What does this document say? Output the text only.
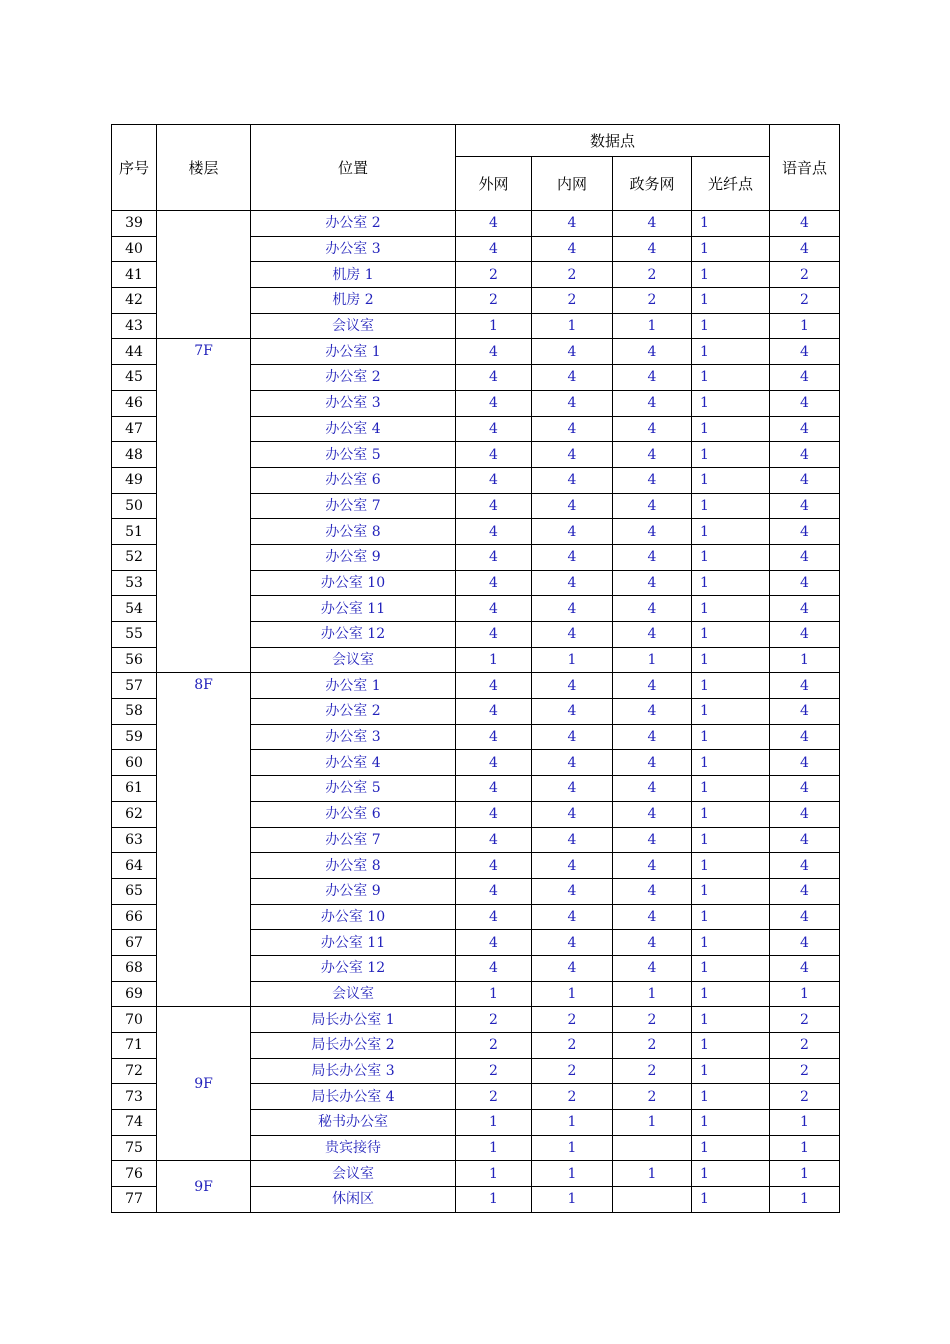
序号	楼层	位置	数据点				语音点
			外网	内网	政务网	光纤点	
39		办公室 2	4	4	4	1	4
40		办公室 3	4	4	4	1	4
41		机房 1	2	2	2	1	2
42		机房 2	2	2	2	1	2
43		会议室	1	1	1	1	1
44	7F	办公室 1	4	4	4	1	4
45		办公室 2	4	4	4	1	4
46		办公室 3	4	4	4	1	4
47		办公室 4	4	4	4	1	4
48		办公室 5	4	4	4	1	4
49		办公室 6	4	4	4	1	4
50		办公室 7	4	4	4	1	4
51		办公室 8	4	4	4	1	4
52		办公室 9	4	4	4	1	4
53		办公室 10	4	4	4	1	4
54		办公室 11	4	4	4	1	4
55		办公室 12	4	4	4	1	4
56		会议室	1	1	1	1	1
57	8F	办公室 1	4	4	4	1	4
58		办公室 2	4	4	4	1	4
59		办公室 3	4	4	4	1	4
60		办公室 4	4	4	4	1	4
61		办公室 5	4	4	4	1	4
62		办公室 6	4	4	4	1	4
63		办公室 7	4	4	4	1	4
64		办公室 8	4	4	4	1	4
65		办公室 9	4	4	4	1	4
66		办公室 10	4	4	4	1	4
67		办公室 11	4	4	4	1	4
68		办公室 12	4	4	4	1	4
69		会议室	1	1	1	1	1
70	9F	局长办公室 1	2	2	2	1	2
71		局长办公室 2	2	2	2	1	2
72		局长办公室 3	2	2	2	1	2
73		局长办公室 4	2	2	2	1	2
74		秘书办公室	1	1	1	1	1
75		贵宾接待	1	1		1	1
76	9F	会议室	1	1	1	1	1
77		休闲区	1	1		1	1
